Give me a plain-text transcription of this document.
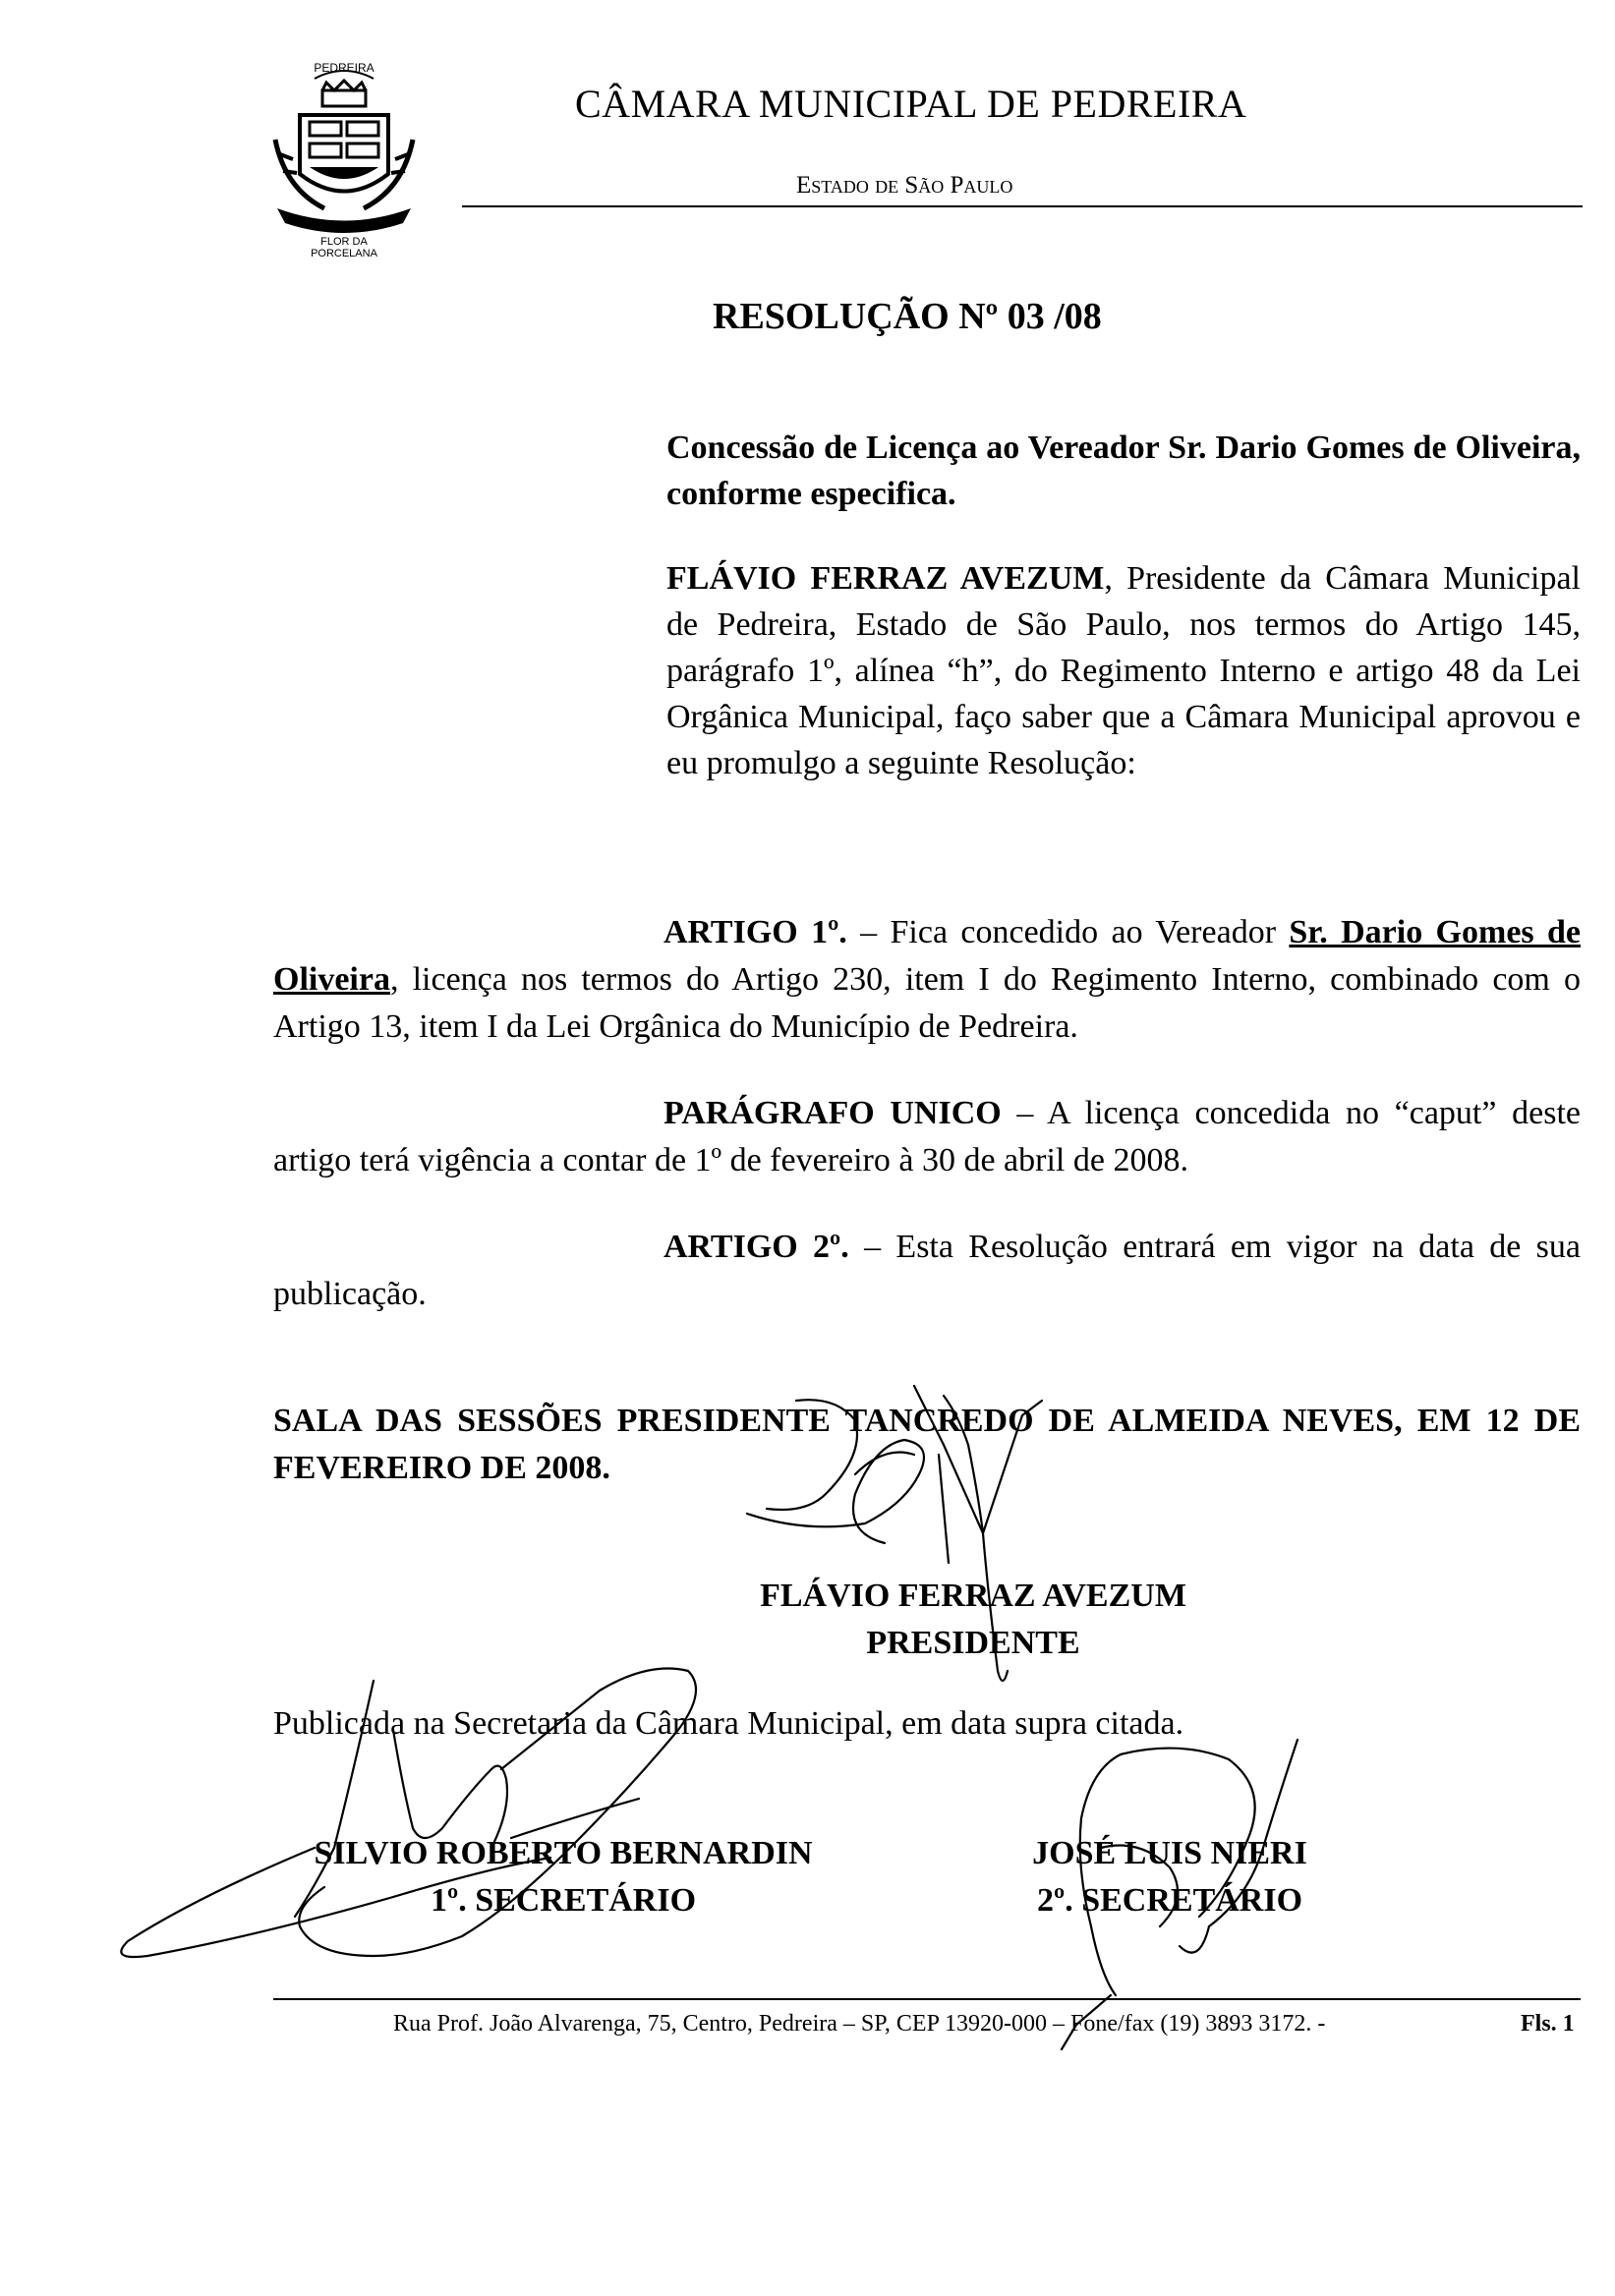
PEDREIRA
FLOR DA
PORCELANA
CÂMARA MUNICIPAL DE PEDREIRA
Estado de São Paulo
RESOLUÇÃO Nº 03 /08
Concessão de Licença ao Vereador Sr. Dario Gomes de Oliveira, conforme especifica.
FLÁVIO FERRAZ AVEZUM, Presidente da Câmara Municipal de Pedreira, Estado de São Paulo, nos termos do Artigo 145, parágrafo 1º, alínea “h”, do Regimento Interno e artigo 48 da Lei Orgânica Municipal, faço saber que a Câmara Municipal aprovou e eu promulgo a seguinte Resolução:
ARTIGO 1º. – Fica concedido ao Vereador Sr. Dario Gomes de Oliveira, licença nos termos do Artigo 230, item I do Regimento Interno, combinado com o Artigo 13, item I da Lei Orgânica do Município de Pedreira.
PARÁGRAFO UNICO – A licença concedida no “caput” deste artigo terá vigência a contar de 1º de fevereiro à 30 de abril de 2008.
ARTIGO 2º. – Esta Resolução entrará em vigor na data de sua publicação.
SALA DAS SESSÕES PRESIDENTE TANCREDO DE ALMEIDA NEVES, EM 12 DE FEVEREIRO DE 2008.
FLÁVIO FERRAZ AVEZUM
PRESIDENTE
Publicada na Secretaria da Câmara Municipal, em data supra citada.
SILVIO ROBERTO BERNARDIN
1º. SECRETÁRIO
JOSÉ LUIS NIERI
2º. SECRETÁRIO
Rua Prof. João Alvarenga, 75, Centro, Pedreira – SP, CEP 13920-000 – Fone/fax (19) 3893 3172. -	Fls. 1
